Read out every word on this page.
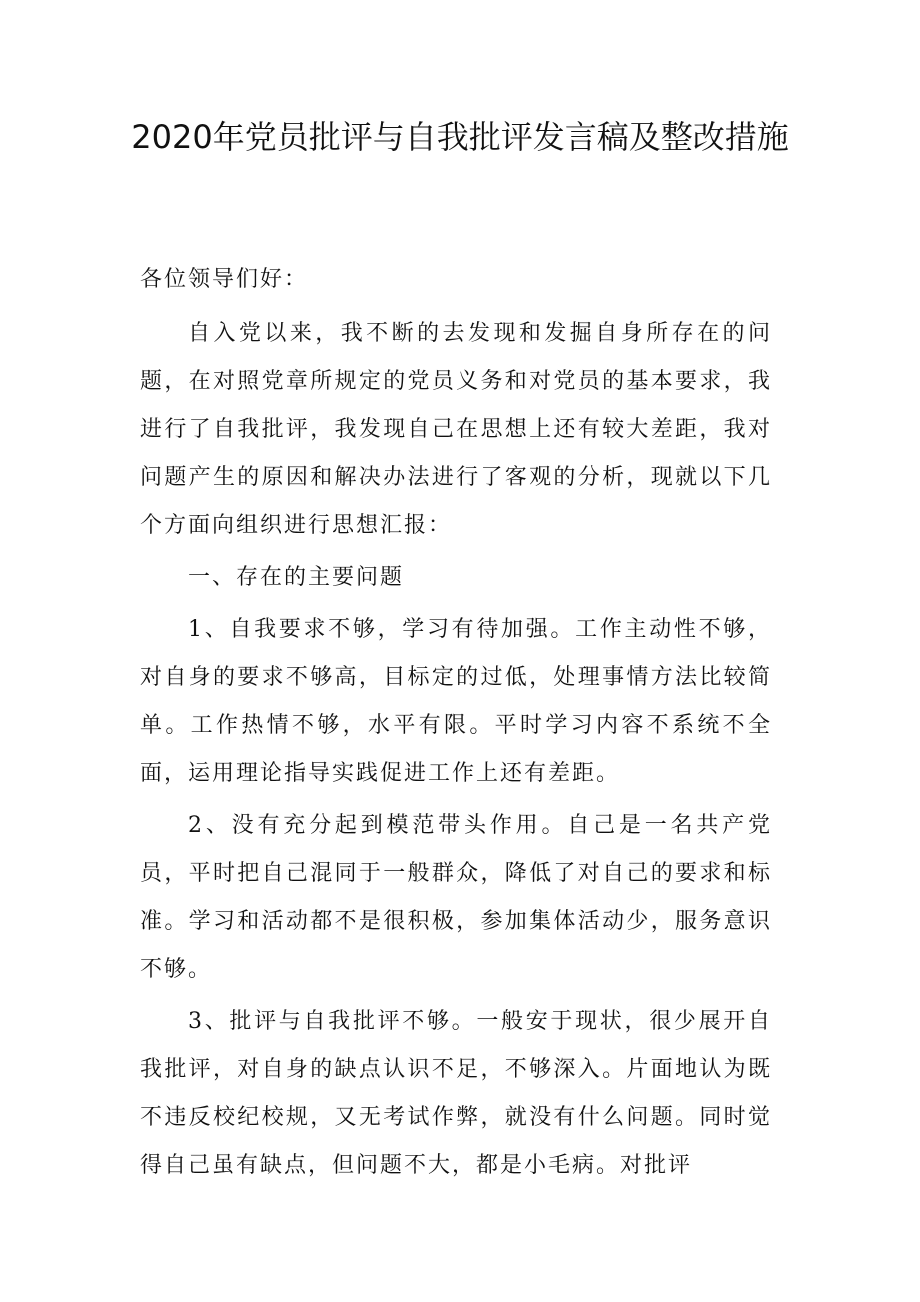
2020年党员批评与自我批评发言稿及整改措施

各位领导们好：

自入党以来，我不断的去发现和发掘自身所存在的问题，在对照党章所规定的党员义务和对党员的基本要求，我进行了自我批评，我发现自己在思想上还有较大差距，我对问题产生的原因和解决办法进行了客观的分析，现就以下几个方面向组织进行思想汇报：

一、存在的主要问题

1、自我要求不够，学习有待加强。工作主动性不够，对自身的要求不够高，目标定的过低，处理事情方法比较简单。工作热情不够，水平有限。平时学习内容不系统不全面，运用理论指导实践促进工作上还有差距。

2、没有充分起到模范带头作用。自己是一名共产党员，平时把自己混同于一般群众，降低了对自己的要求和标准。学习和活动都不是很积极，参加集体活动少，服务意识不够。

3、批评与自我批评不够。一般安于现状，很少展开自我批评，对自身的缺点认识不足，不够深入。片面地认为既不违反校纪校规，又无考试作弊，就没有什么问题。同时觉得自己虽有缺点，但问题不大，都是小毛病。对批评
